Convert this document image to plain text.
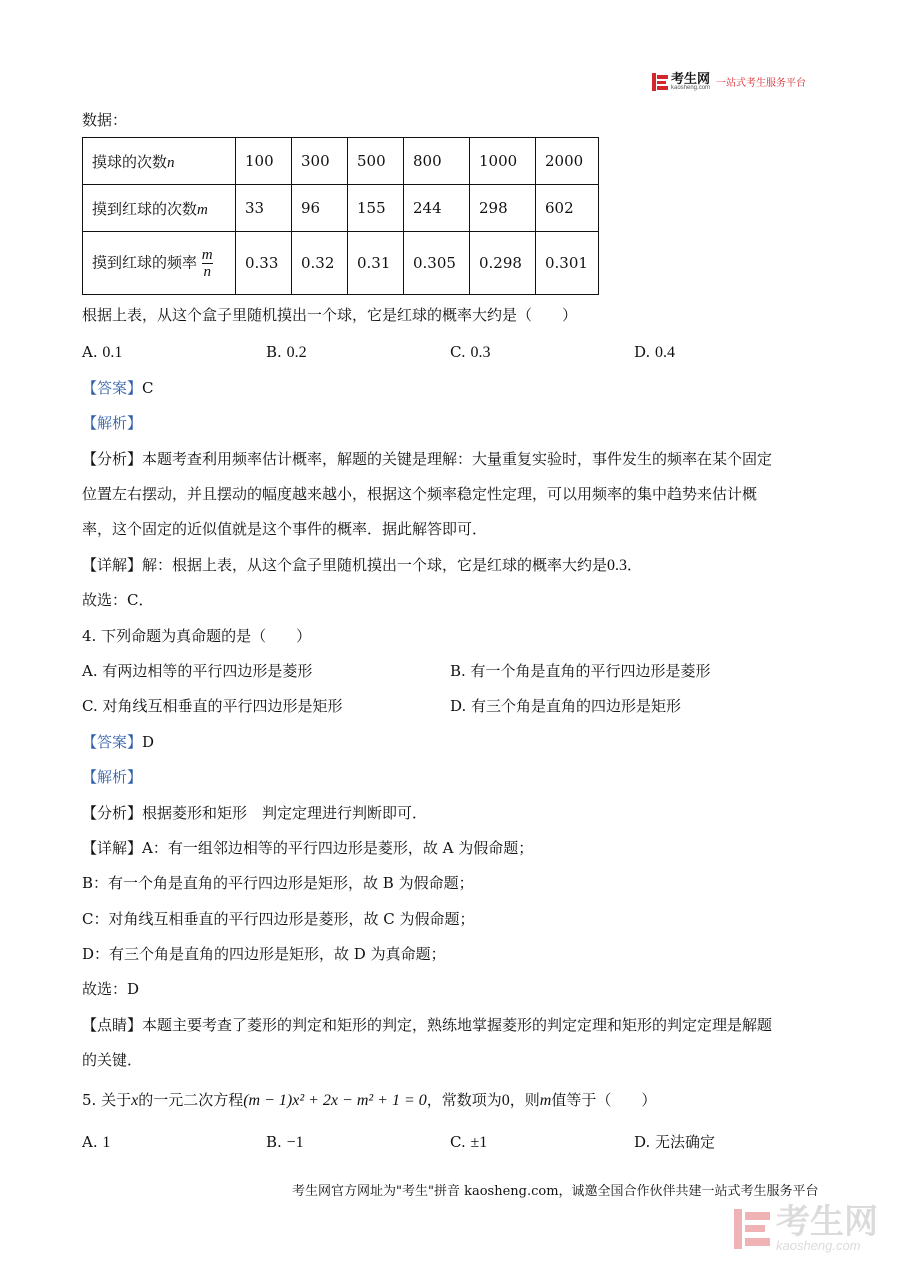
考生网
kaosheng.com 一站式考生服务平台
数据：
摸球的次数n	100	300	500	800	1000	2000
摸到红球的次数m	33	96	155	244	298	602
摸到红球的频率 $\frac{m}{n}$	0.33	0.32	0.31	0.305	0.298	0.301
根据上表，从这个盒子里随机摸出一个球，它是红球的概率大约是（　　）
A. 0.1	B. 0.2	C. 0.3	D. 0.4
【答案】C
【解析】
【分析】本题考查利用频率估计概率，解题的关键是理解：大量重复实验时，事件发生的频率在某个固定
位置左右摆动，并且摆动的幅度越来越小，根据这个频率稳定性定理，可以用频率的集中趋势来估计概
率，这个固定的近似值就是这个事件的概率．据此解答即可．
【详解】解：根据上表，从这个盒子里随机摸出一个球，它是红球的概率大约是0.3．
故选：C．
4. 下列命题为真命题的是（　　）
A. 有两边相等的平行四边形是菱形	B. 有一个角是直角的平行四边形是菱形
C. 对角线互相垂直的平行四边形是矩形	D. 有三个角是直角的四边形是矩形
【答案】D
【解析】
【分析】根据菱形和矩形　判定定理进行判断即可．
【详解】A：有一组邻边相等的平行四边形是菱形，故 A 为假命题；
B：有一个角是直角的平行四边形是矩形，故 B 为假命题；
C：对角线互相垂直的平行四边形是菱形，故 C 为假命题；
D：有三个角是直角的四边形是矩形，故 D 为真命题；
故选：D
【点睛】本题主要考查了菱形的判定和矩形的判定，熟练地掌握菱形的判定定理和矩形的判定定理是解题
的关键．
5. 关于x的一元二次方程(m − 1)x² + 2x − m² + 1 = 0，常数项为0，则m值等于（　　）
A. 1	B. −1	C. ±1	D. 无法确定
考生网官方网址为"考生"拼音 kaosheng.com，诚邀全国合作伙伴共建一站式考生服务平台
考生网
kaosheng.com
